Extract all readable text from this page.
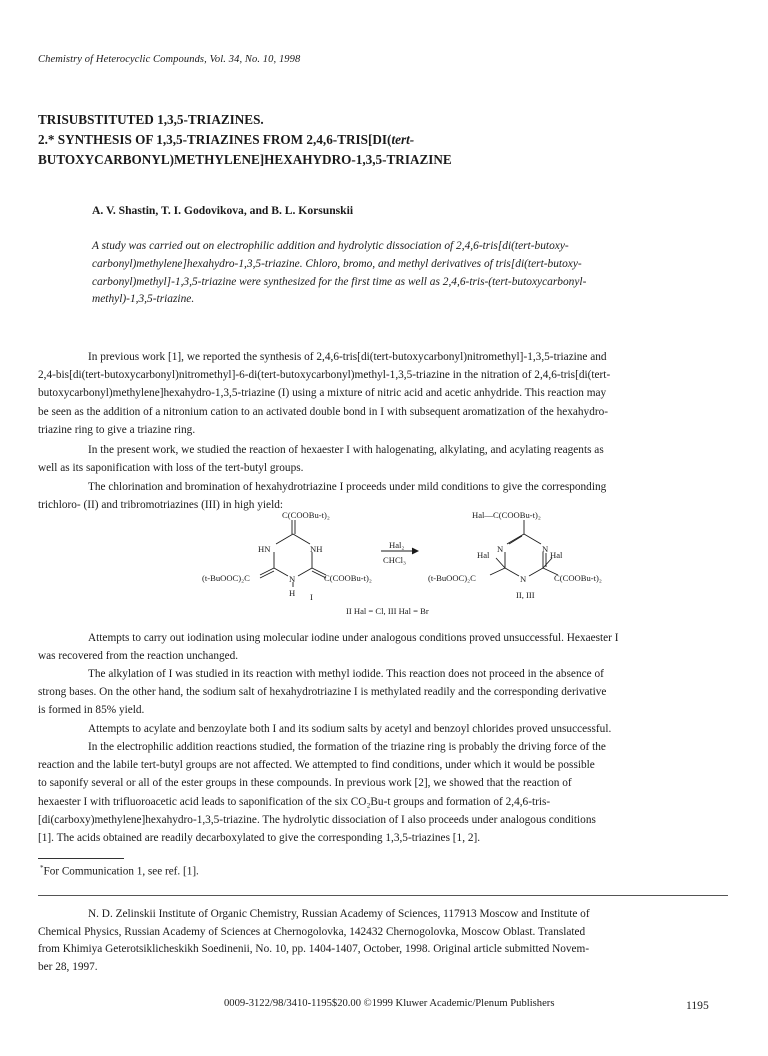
Chemistry of Heterocyclic Compounds, Vol. 34, No. 10, 1998
TRISUBSTITUTED 1,3,5-TRIAZINES.
2.* SYNTHESIS OF 1,3,5-TRIAZINES FROM 2,4,6-TRIS[DI(tert-
BUTOXYCARBONYL)METHYLENE]HEXAHYDRO-1,3,5-TRIAZINE
A. V. Shastin, T. I. Godovikova, and B. L. Korsunskii
A study was carried out on electrophilic addition and hydrolytic dissociation of 2,4,6-tris[di(tert-butoxy-
carbonyl)methylene]hexahydro-1,3,5-triazine. Chloro, bromo, and methyl derivatives of tris[di(tert-butoxy-
carbonyl)methyl]-1,3,5-triazine were synthesized for the first time as well as 2,4,6-tris-(tert-butoxycarbonyl-
methyl)-1,3,5-triazine.
In previous work [1], we reported the synthesis of 2,4,6-tris[di(tert-butoxycarbonyl)nitromethyl]-1,3,5-triazine and
2,4-bis[di(tert-butoxycarbonyl)nitromethyl]-6-di(tert-butoxycarbonyl)methyl-1,3,5-triazine in the nitration of 2,4,6-tris[di(tert-
butoxycarbonyl)methylene]hexahydro-1,3,5-triazine (I) using a mixture of nitric acid and acetic anhydride. This reaction may
be seen as the addition of a nitronium cation to an activated double bond in I with subsequent aromatization of the hexahydro-
triazine ring to give a triazine ring.
In the present work, we studied the reaction of hexaester I with halogenating, alkylating, and acylating reagents as
well as its saponification with loss of the tert-butyl groups.
The chlorination and bromination of hexahydrotriazine I proceeds under mild conditions to give the corresponding
trichloro- (II) and tribromotriazines (III) in high yield:
C(COOBu-t)₂
HN	NH
(t-BuOOC)₂C	N	C(COOBu-t)₂
H I
Hal₂
CHCl₃
Hal—C(COOBu-t)₂
N	N
Hal	Hal
(t-BuOOC)₂C	N	C(COOBu-t)₂
II, III
II Hal = Cl, III Hal = Br
Attempts to carry out iodination using molecular iodine under analogous conditions proved unsuccessful. Hexaester I
was recovered from the reaction unchanged.
The alkylation of I was studied in its reaction with methyl iodide. This reaction does not proceed in the absence of
strong bases. On the other hand, the sodium salt of hexahydrotriazine I is methylated readily and the corresponding derivative
is formed in 85% yield.
Attempts to acylate and benzoylate both I and its sodium salts by acetyl and benzoyl chlorides proved unsuccessful.
In the electrophilic addition reactions studied, the formation of the triazine ring is probably the driving force of the
reaction and the labile tert-butyl groups are not affected. We attempted to find conditions, under which it would be possible
to saponify several or all of the ester groups in these compounds. In previous work [2], we showed that the reaction of
hexaester I with trifluoroacetic acid leads to saponification of the six CO₂Bu-t groups and formation of 2,4,6-tris-
[di(carboxy)methylene]hexahydro-1,3,5-triazine. The hydrolytic dissociation of I also proceeds under analogous conditions
[1]. The acids obtained are readily decarboxylated to give the corresponding 1,3,5-triazines [1, 2].
*For Communication 1, see ref. [1].
N. D. Zelinskii Institute of Organic Chemistry, Russian Academy of Sciences, 117913 Moscow and Institute of
Chemical Physics, Russian Academy of Sciences at Chernogolovka, 142432 Chernogolovka, Moscow Oblast. Translated
from Khimiya Geterotsiklicheskikh Soedinenii, No. 10, pp. 1404-1407, October, 1998. Original article submitted Novem-
ber 28, 1997.
0009-3122/98/3410-1195$20.00 ©1999 Kluwer Academic/Plenum Publishers	1195
